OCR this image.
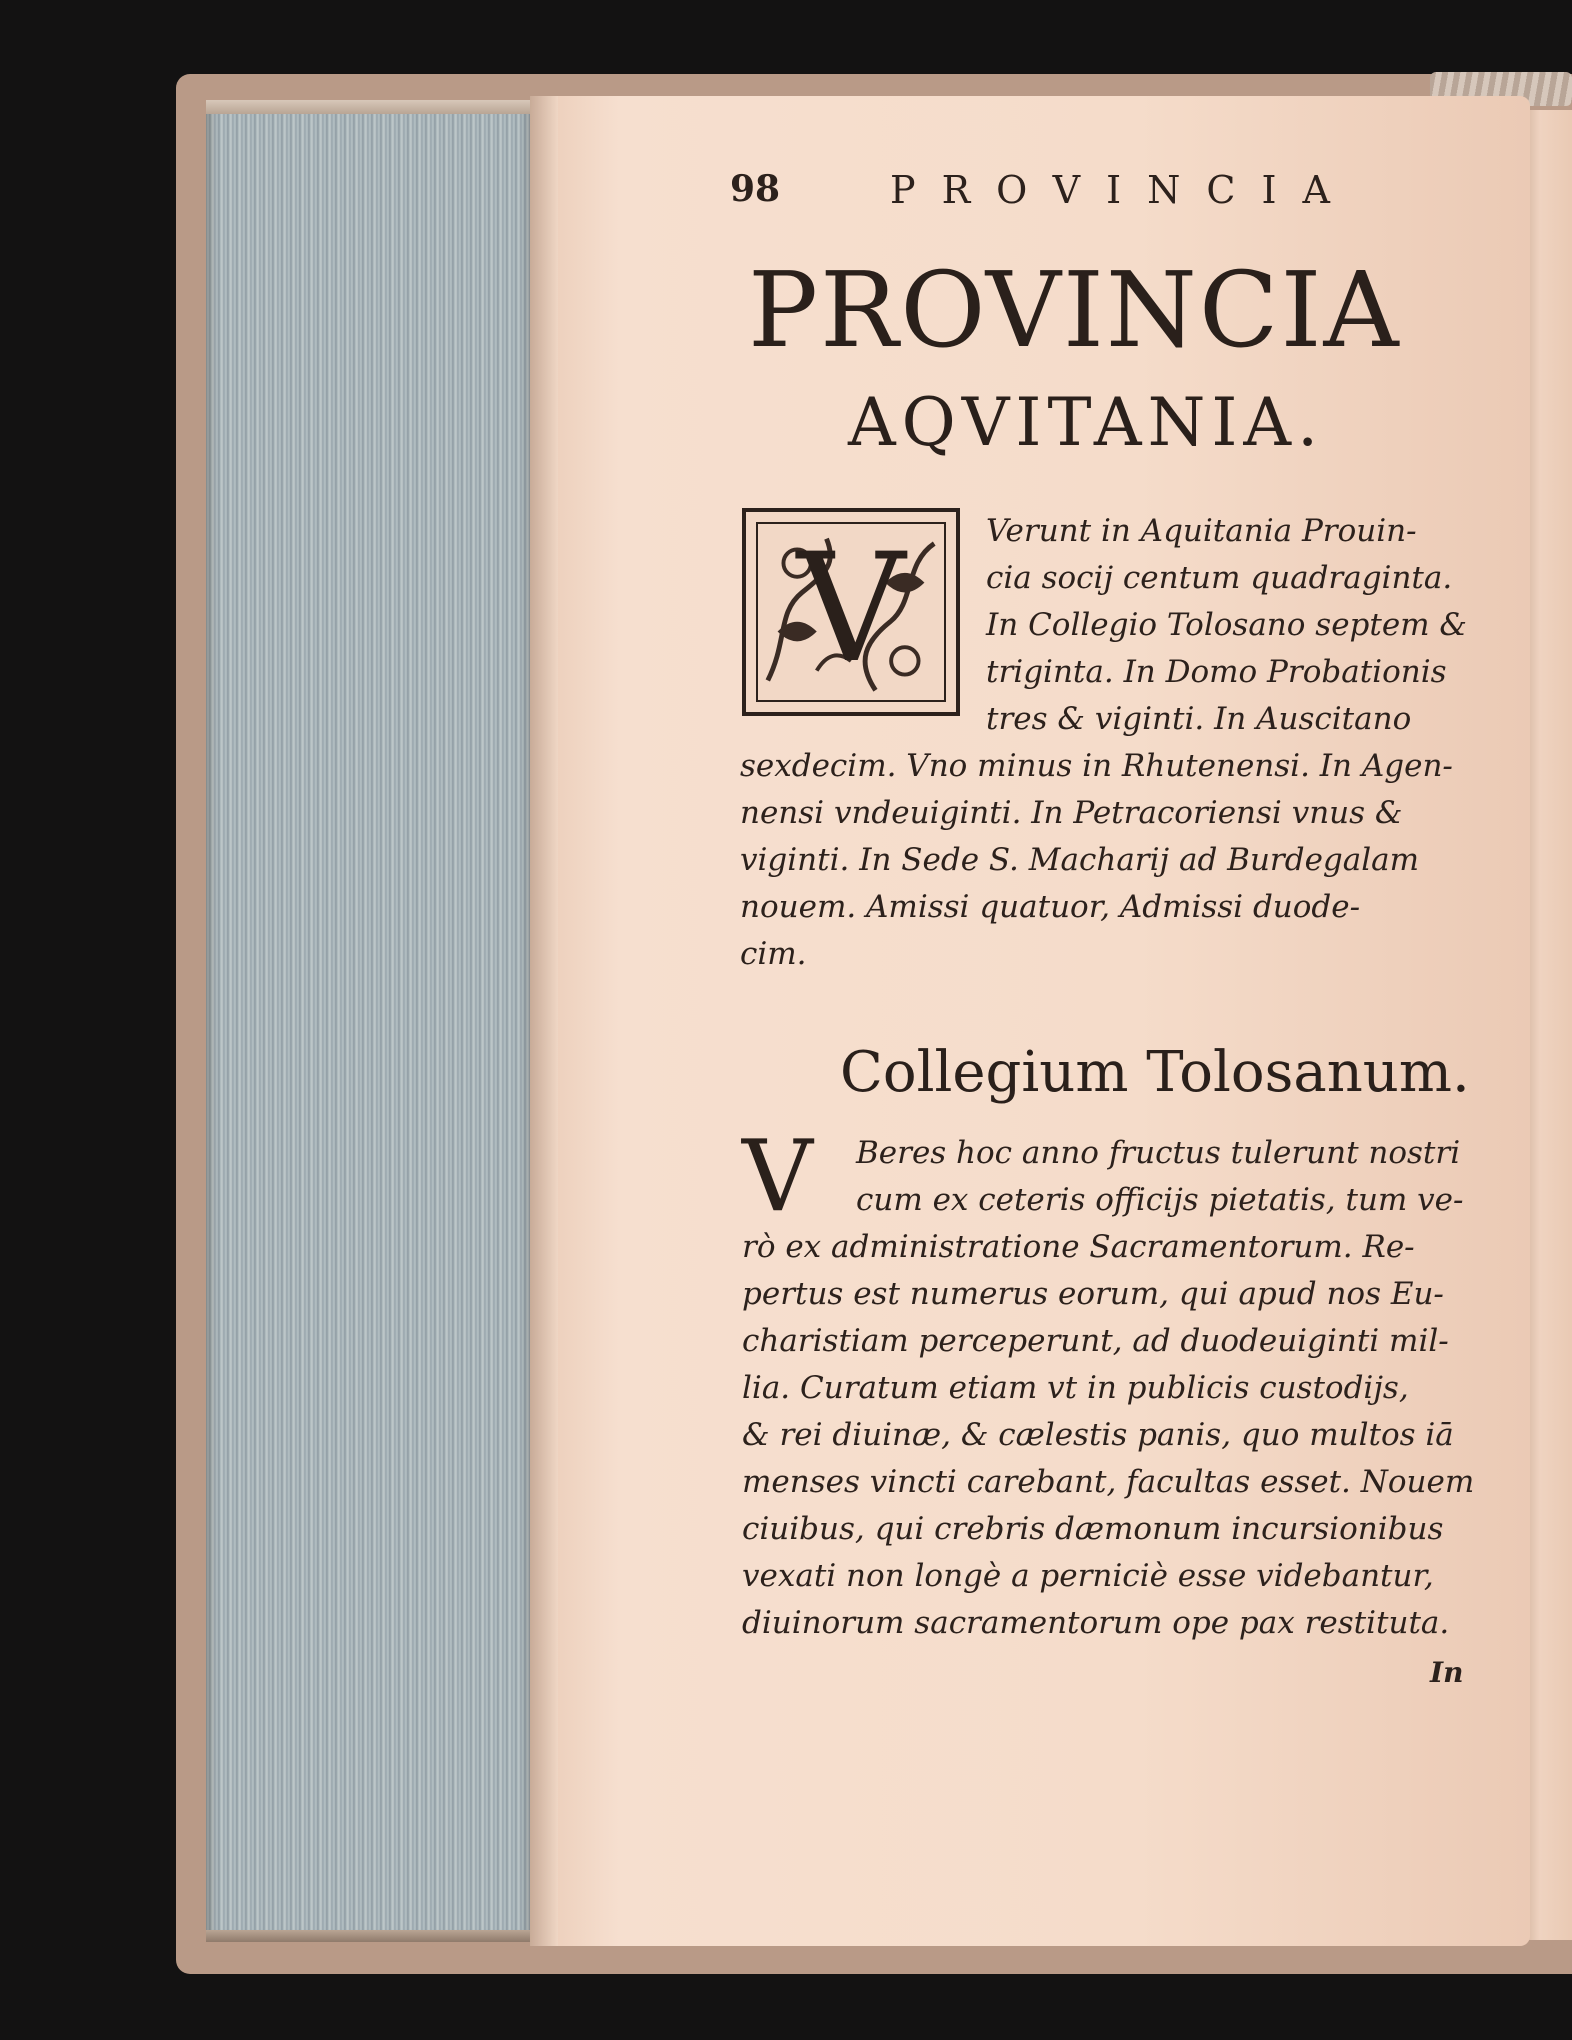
98	PROVINCIA
PROVINCIA
AQVITANIA.
V	Verunt in Aquitania Prouin-
cia socij centum quadraginta.
In Collegio Tolosano septem &
triginta. In Domo Probationis
tres & viginti. In Auscitano
sexdecim. Vno minus in Rhutenensi. In Agen-
nensi vndeuiginti. In Petracoriensi vnus &
viginti. In Sede S. Macharij ad Burdegalam
nouem. Amissi quatuor, Admissi duode-
cim.
Collegium Tolosanum.
V Beres hoc anno fructus tulerunt nostri
cum ex ceteris officijs pietatis, tum ve-
rò ex administratione Sacramentorum. Re-
pertus est numerus eorum, qui apud nos Eu-
charistiam perceperunt, ad duodeuiginti mil-
lia. Curatum etiam vt in publicis custodijs,
& rei diuinæ, & cælestis panis, quo multos iā
menses vincti carebant, facultas esset. Nouem
ciuibus, qui crebris dæmonum incursionibus
vexati non longè a perniciè esse videbantur,
diuinorum sacramentorum ope pax restituta.
In
